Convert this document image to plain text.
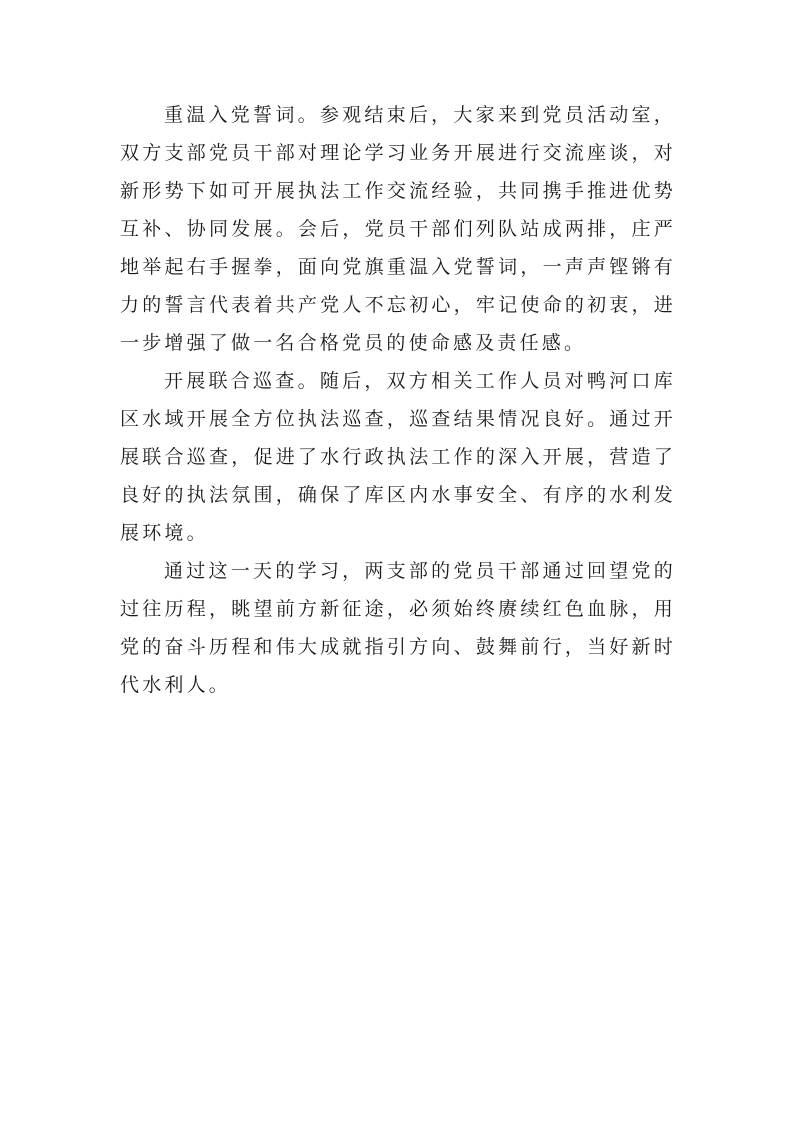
重温入党誓词。参观结束后，大家来到党员活动室，双方支部党员干部对理论学习业务开展进行交流座谈，对新形势下如可开展执法工作交流经验，共同携手推进优势互补、协同发展。会后，党员干部们列队站成两排，庄严地举起右手握拳，面向党旗重温入党誓词，一声声铿锵有力的誓言代表着共产党人不忘初心，牢记使命的初衷，进一步增强了做一名合格党员的使命感及责任感。

开展联合巡查。随后，双方相关工作人员对鸭河口库区水域开展全方位执法巡查，巡查结果情况良好。通过开展联合巡查，促进了水行政执法工作的深入开展，营造了良好的执法氛围，确保了库区内水事安全、有序的水利发展环境。

通过这一天的学习，两支部的党员干部通过回望党的过往历程，眺望前方新征途，必须始终赓续红色血脉，用党的奋斗历程和伟大成就指引方向、鼓舞前行，当好新时代水利人。
